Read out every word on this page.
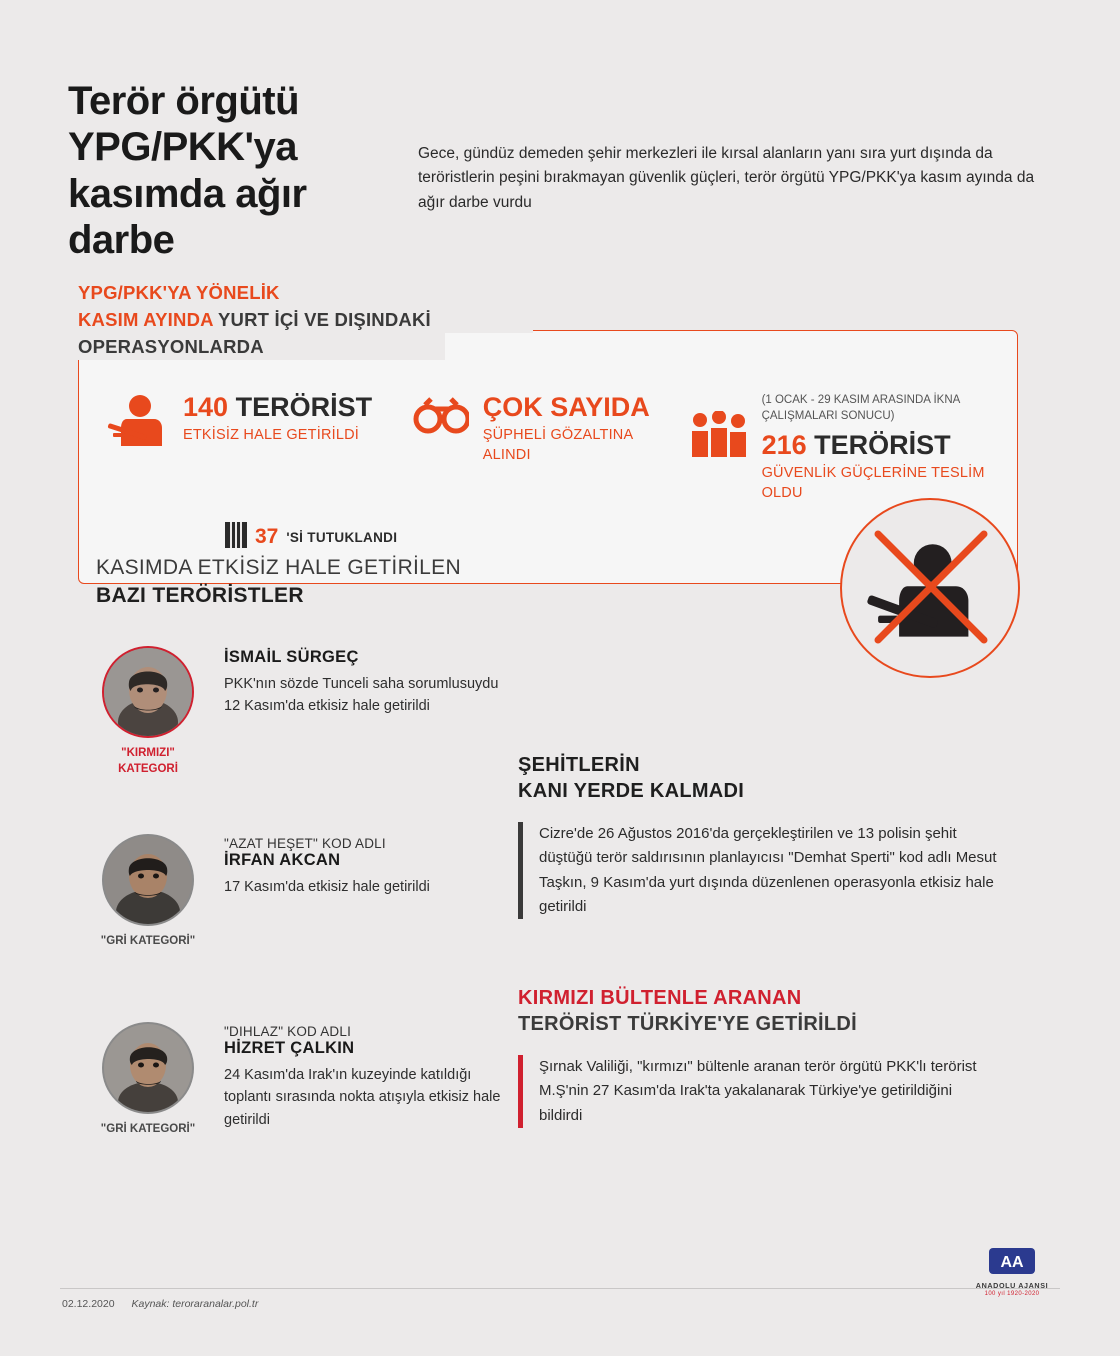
Terör örgütü YPG/PKK'ya kasımda ağır darbe
Gece, gündüz demeden şehir merkezleri ile kırsal alanların yanı sıra yurt dışında da teröristlerin peşini bırakmayan güvenlik güçleri, terör örgütü YPG/PKK'ya kasım ayında da ağır darbe vurdu
YPG/PKK'YA YÖNELİK
KASIM AYINDA YURT İÇİ VE DIŞINDAKİ
OPERASYONLARDA
140 TERÖRİST
ETKİSİZ HALE GETİRİLDİ
ÇOK SAYIDA
ŞÜPHELİ GÖZALTINA ALINDI
(1 OCAK - 29 KASIM ARASINDA İKNA ÇALIŞMALARI SONUCU)
216 TERÖRİST
GÜVENLİK GÜÇLERİNE TESLİM OLDU
37 'Sİ TUTUKLANDI
KASIMDA ETKİSİZ HALE GETİRİLEN
BAZI TERÖRİSTLER
"KIRMIZI" KATEGORİ
İSMAİL SÜRGEÇ
PKK'nın sözde Tunceli saha sorumlusuydu 12 Kasım'da etkisiz hale getirildi
"GRİ KATEGORİ"
"AZAT HEŞET" KOD ADLI
İRFAN AKCAN
17 Kasım'da etkisiz hale getirildi
"GRİ KATEGORİ"
"DIHLAZ" KOD ADLI
HİZRET ÇALKIN
24 Kasım'da Irak'ın kuzeyinde katıldığı toplantı sırasında nokta atışıyla etkisiz hale getirildi
ŞEHİTLERİN
KANI YERDE KALMADI
Cizre'de 26 Ağustos 2016'da gerçekleştirilen ve 13 polisin şehit düştüğü terör saldırısının planlayıcısı "Demhat Sperti" kod adlı Mesut Taşkın, 9 Kasım'da yurt dışında düzenlenen operasyonla etkisiz hale getirildi
KIRMIZI BÜLTENLE ARANAN
TERÖRİST TÜRKİYE'YE GETİRİLDİ
Şırnak Valiliği, "kırmızı" bültenle aranan terör örgütü PKK'lı terörist M.Ş'nin 27 Kasım'da Irak'ta yakalanarak Türkiye'ye getirildiğini bildirdi
02.12.2020 Kaynak: teroraranalar.pol.tr
AA
ANADOLU AJANSI
100 yıl 1920-2020
